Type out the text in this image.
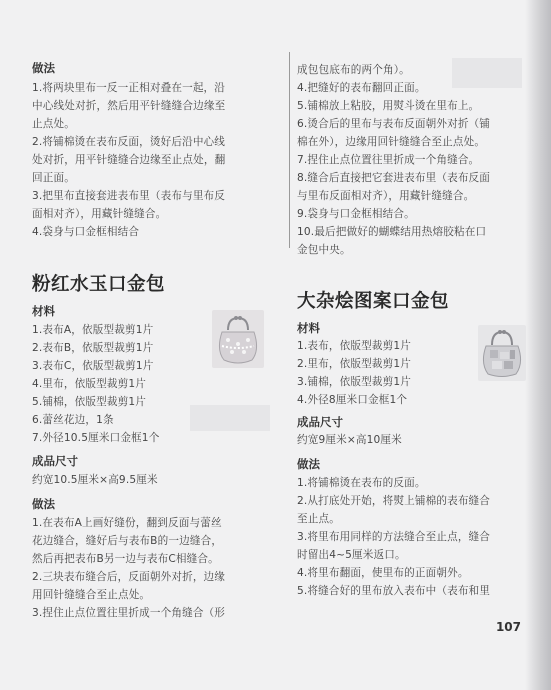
做法
1.将两块里布一反一正相对叠在一起，沿
中心线处对折，然后用平针缝缝合边缘至
止点处。
2.将铺棉烫在表布反面，烫好后沿中心线
处对折，用平针缝缝合边缘至止点处，翻
回正面。
3.把里布直接套进表布里（表布与里布反
面相对齐），用藏针缝缝合。
4.袋身与口金框相结合
粉红水玉口金包
材料
1.表布A，依版型裁剪1片
2.表布B，依版型裁剪1片
3.表布C，依版型裁剪1片
4.里布，依版型裁剪1片
5.铺棉，依版型裁剪1片
6.蕾丝花边，1条
7.外径10.5厘米口金框1个
成品尺寸
约宽10.5厘米×高9.5厘米
做法
1.在表布A上画好缝份，翻到反面与蕾丝
花边缝合，缝好后与表布B的一边缝合，
然后再把表布B另一边与表布C相缝合。
2.三块表布缝合后，反面朝外对折，边缘
用回针缝缝合至止点处。
3.捏住止点位置往里折成一个角缝合（形
成包包底布的两个角）。
4.把缝好的表布翻回正面。
5.铺棉放上粘胶，用熨斗烫在里布上。
6.烫合后的里布与表布反面朝外对折（铺
棉在外），边缘用回针缝缝合至止点处。
7.捏住止点位置往里折成一个角缝合。
8.缝合后直接把它套进表布里（表布反面
与里布反面相对齐），用藏针缝缝合。
9.袋身与口金框相结合。
10.最后把做好的蝴蝶结用热熔胶粘在口
金包中央。
大杂烩图案口金包
材料
1.表布，依版型裁剪1片
2.里布，依版型裁剪1片
3.铺棉，依版型裁剪1片
4.外径8厘米口金框1个
成品尺寸
约宽9厘米×高10厘米
做法
1.将铺棉烫在表布的反面。
2.从打底处开始，将熨上铺棉的表布缝合
至止点。
3.将里布用同样的方法缝合至止点，缝合
时留出4~5厘米返口。
4.将里布翻面，使里布的正面朝外。
5.将缝合好的里布放入表布中（表布和里
107
